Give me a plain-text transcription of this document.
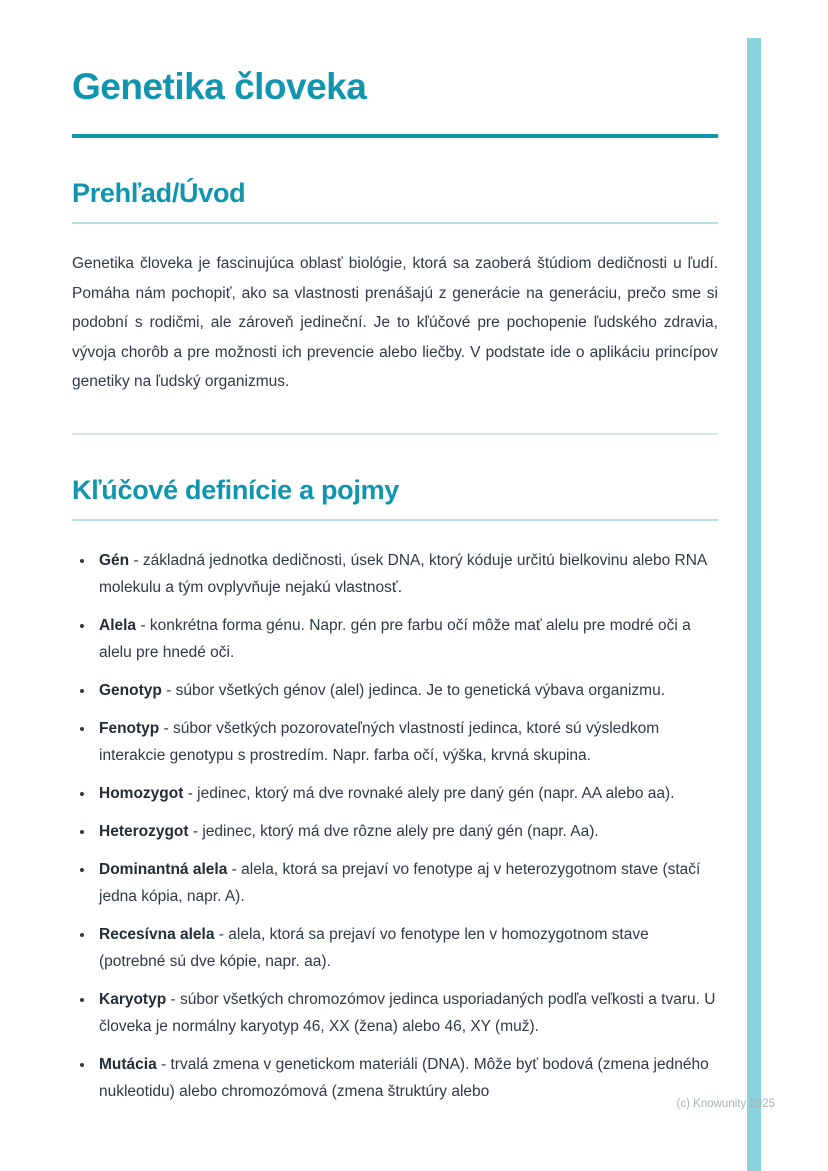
Genetika človeka
Prehľad/Úvod

Genetika človeka je fascinujúca oblasť biológie, ktorá sa zaoberá štúdiom dedičnosti u ľudí. Pomáha nám pochopiť, ako sa vlastnosti prenášajú z generácie na generáciu, prečo sme si podobní s rodičmi, ale zároveň jedineční. Je to kľúčové pre pochopenie ľudského zdravia, vývoja chorôb a pre možnosti ich prevencie alebo liečby. V podstate ide o aplikáciu princípov genetiky na ľudský organizmus.

Kľúčové definície a pojmy
• Gén - základná jednotka dedičnosti, úsek DNA, ktorý kóduje určitú bielkovinu alebo RNA molekulu a tým ovplyvňuje nejakú vlastnosť.
• Alela - konkrétna forma génu. Napr. gén pre farbu očí môže mať alelu pre modré oči a alelu pre hnedé oči.
• Genotyp - súbor všetkých génov (alel) jedinca. Je to genetická výbava organizmu.
• Fenotyp - súbor všetkých pozorovateľných vlastností jedinca, ktoré sú výsledkom interakcie genotypu s prostredím. Napr. farba očí, výška, krvná skupina.
• Homozygot - jedinec, ktorý má dve rovnaké alely pre daný gén (napr. AA alebo aa).
• Heterozygot - jedinec, ktorý má dve rôzne alely pre daný gén (napr. Aa).
• Dominantná alela - alela, ktorá sa prejaví vo fenotype aj v heterozygotnom stave (stačí jedna kópia, napr. A).
• Recesívna alela - alela, ktorá sa prejaví vo fenotype len v homozygotnom stave (potrebné sú dve kópie, napr. aa).
• Karyotyp - súbor všetkých chromozómov jedinca usporiadaných podľa veľkosti a tvaru. U človeka je normálny karyotyp 46, XX (žena) alebo 46, XY (muž).
• Mutácia - trvalá zmena v genetickom materiáli (DNA). Môže byť bodová (zmena jedného nukleotidu) alebo chromozómová (zmena štruktúry alebo
(c) Knowunity 2025
